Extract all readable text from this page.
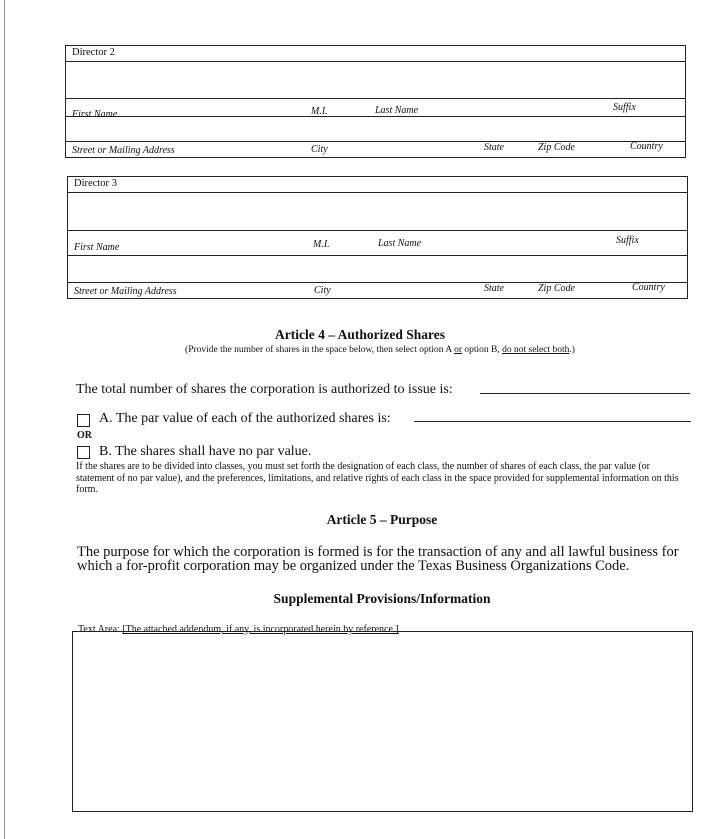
Director 2
First Name	M.I.	Last Name	Suffix
Street or Mailing Address	City	State	Zip Code	Country
Director 3
First Name	M.I.	Last Name	Suffix
Street or Mailing Address	City	State	Zip Code	Country
Article 4 – Authorized Shares
(Provide the number of shares in the space below, then select option A or option B, do not select both.)
The total number of shares the corporation is authorized to issue is:
A. The par value of each of the authorized shares is:
OR
B. The shares shall have no par value.
If the shares are to be divided into classes, you must set forth the designation of each class, the number of shares of each class, the par value (or statement of no par value), and the preferences, limitations, and relative rights of each class in the space provided for supplemental information on this form.
Article 5 – Purpose
The purpose for which the corporation is formed is for the transaction of any and all lawful business for which a for-profit corporation may be organized under the Texas Business Organizations Code.
Supplemental Provisions/Information
Text Area: [The attached addendum, if any, is incorporated herein by reference.]
